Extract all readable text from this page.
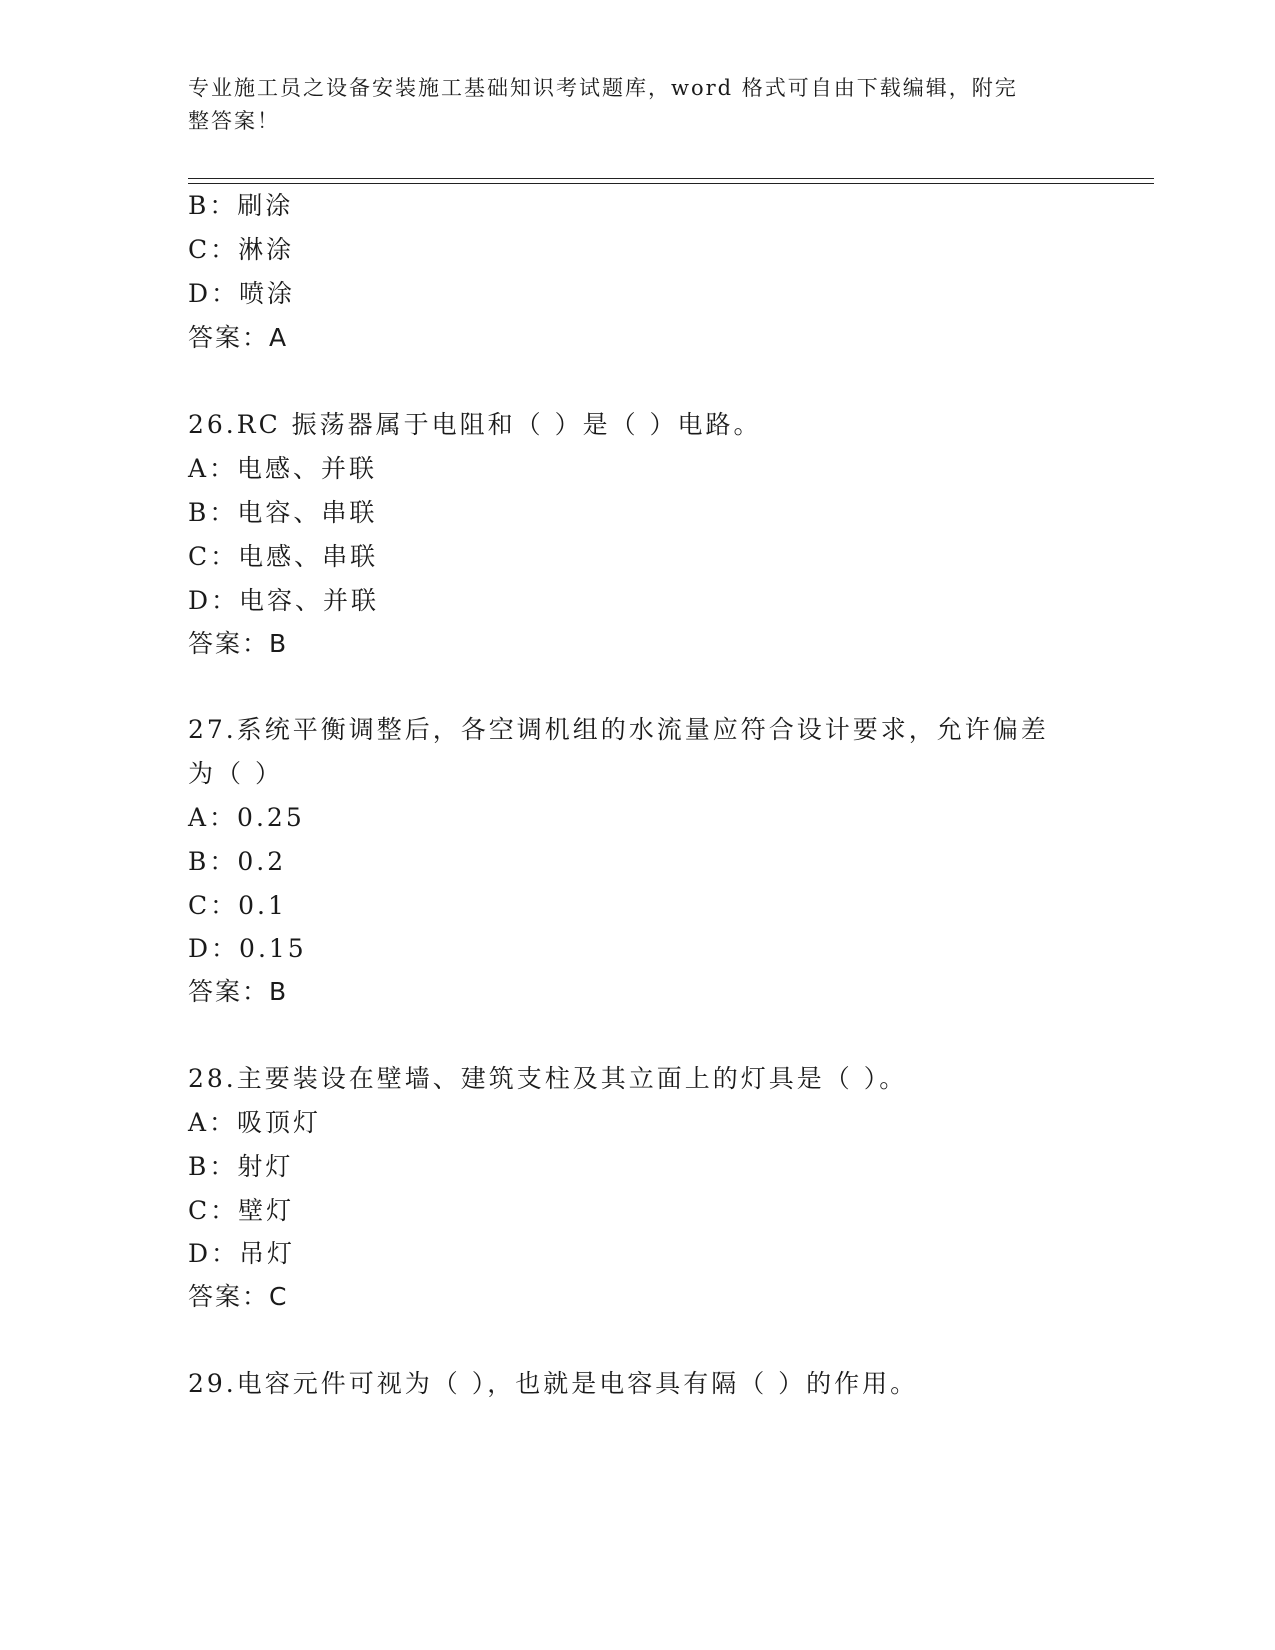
专业施工员之设备安装施工基础知识考试题库，word 格式可自由下载编辑，附完
整答案！
B：刷涂
C：淋涂
D：喷涂
答案：A
26.RC 振荡器属于电阻和（ ）是（ ）电路。
A：电感、并联
B：电容、串联
C：电感、串联
D：电容、并联
答案：B
27.系统平衡调整后，各空调机组的水流量应符合设计要求，允许偏差
为（ ）
A：0.25
B：0.2
C：0.1
D：0.15
答案：B
28.主要装设在壁墙、建筑支柱及其立面上的灯具是（ ）。
A：吸顶灯
B：射灯
C：壁灯
D：吊灯
答案：C
29.电容元件可视为（ ），也就是电容具有隔（ ）的作用。
